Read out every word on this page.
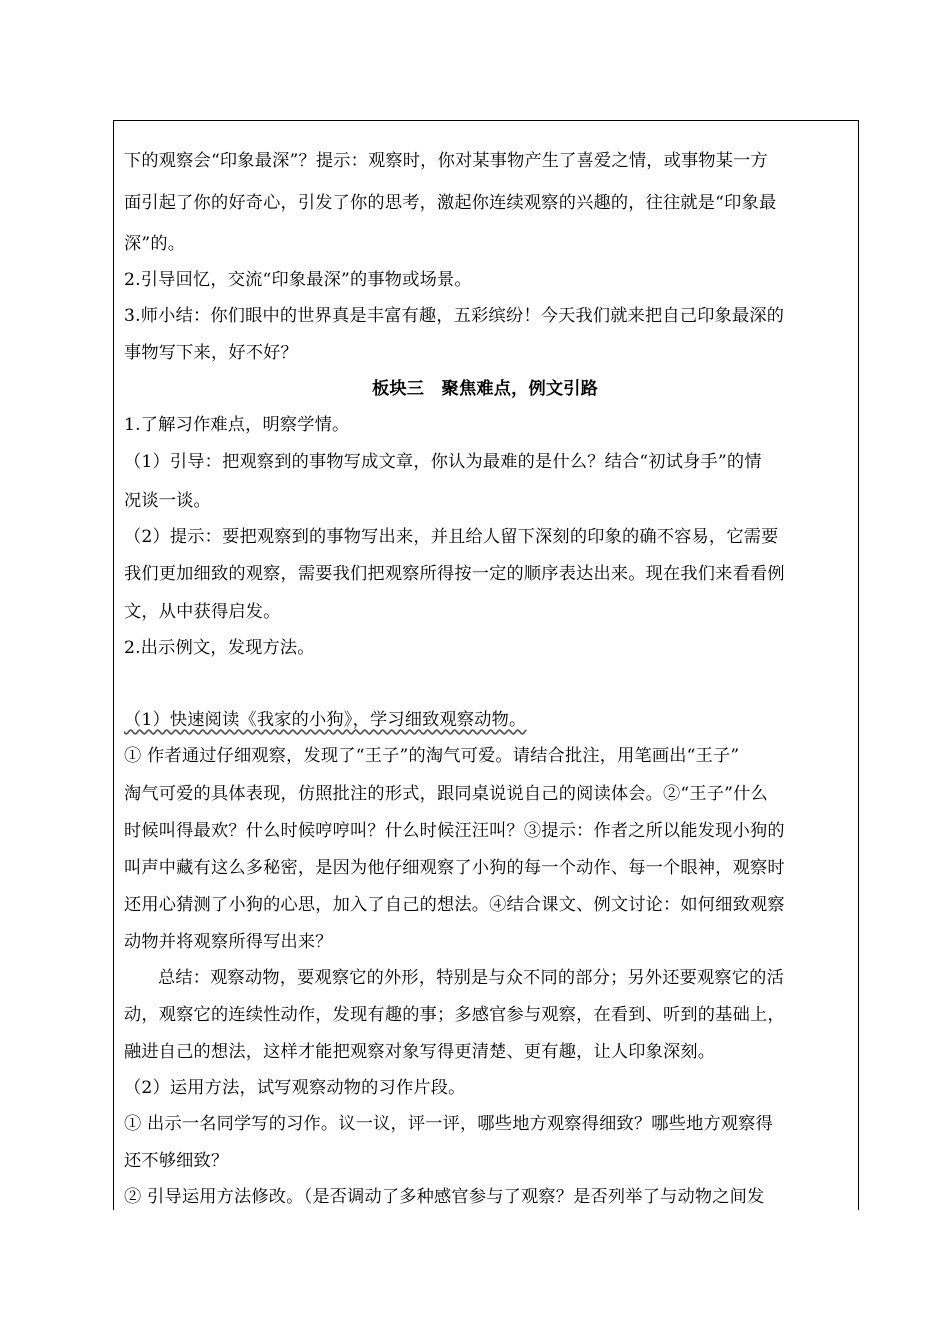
下的观察会“印象最深”？提示：观察时，你对某事物产生了喜爱之情，或事物某一方
面引起了你的好奇心，引发了你的思考，激起你连续观察的兴趣的，往往就是“印象最
深”的。
2.引导回忆，交流“印象最深”的事物或场景。
3.师小结：你们眼中的世界真是丰富有趣，五彩缤纷！今天我们就来把自己印象最深的
事物写下来，好不好？
板块三　聚焦难点，例文引路
1.了解习作难点，明察学情。
（1）引导：把观察到的事物写成文章，你认为最难的是什么？结合“初试身手”的情
况谈一谈。
（2）提示：要把观察到的事物写出来，并且给人留下深刻的印象的确不容易，它需要
我们更加细致的观察，需要我们把观察所得按一定的顺序表达出来。现在我们来看看例
文，从中获得启发。
2.出示例文，发现方法。
（1）快速阅读《我家的小狗》，学习细致观察动物。
① 作者通过仔细观察，发现了“王子”的淘气可爱。请结合批注，用笔画出“王子”
淘气可爱的具体表现，仿照批注的形式，跟同桌说说自己的阅读体会。②“王子”什么
时候叫得最欢？什么时候哼哼叫？什么时候汪汪叫？③提示：作者之所以能发现小狗的
叫声中藏有这么多秘密，是因为他仔细观察了小狗的每一个动作、每一个眼神，观察时
还用心猜测了小狗的心思，加入了自己的想法。④结合课文、例文讨论：如何细致观察
动物并将观察所得写出来？
总结：观察动物，要观察它的外形，特别是与众不同的部分；另外还要观察它的活
动，观察它的连续性动作，发现有趣的事；多感官参与观察，在看到、听到的基础上，
融进自己的想法，这样才能把观察对象写得更清楚、更有趣，让人印象深刻。
（2）运用方法，试写观察动物的习作片段。
① 出示一名同学写的习作。议一议，评一评，哪些地方观察得细致？哪些地方观察得
还不够细致？
② 引导运用方法修改。（是否调动了多种感官参与了观察？是否列举了与动物之间发
